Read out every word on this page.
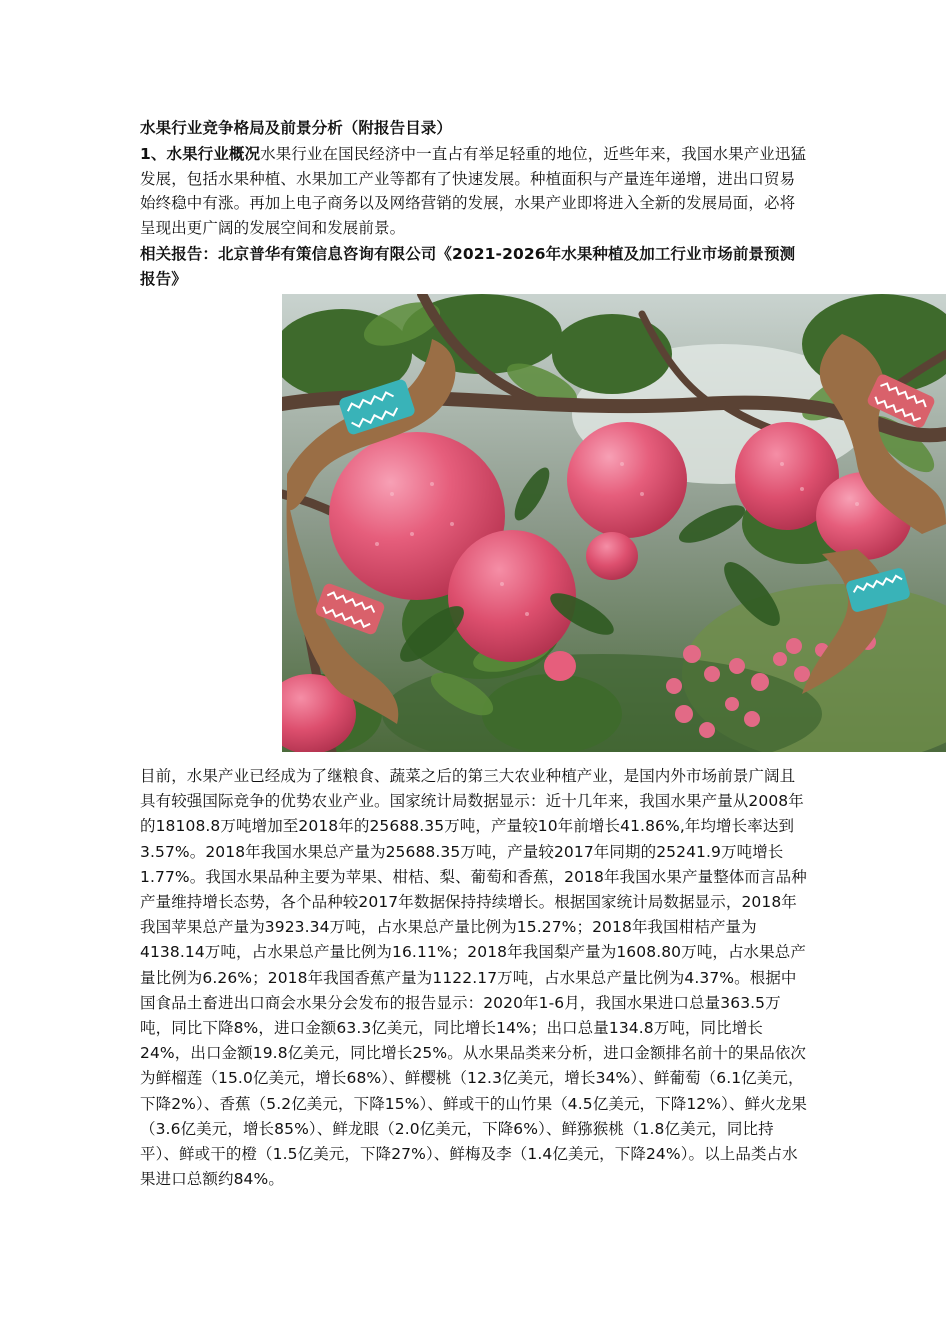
水果行业竞争格局及前景分析（附报告目录）
1、水果行业概况水果行业在国民经济中一直占有举足轻重的地位，近些年来，我国水果产业迅猛发展，包括水果种植、水果加工产业等都有了快速发展。种植面积与产量连年递增，进出口贸易始终稳中有涨。再加上电子商务以及网络营销的发展，水果产业即将进入全新的发展局面，必将呈现出更广阔的发展空间和发展前景。
相关报告：北京普华有策信息咨询有限公司《2021-2026年水果种植及加工行业市场前景预测报告》
目前，水果产业已经成为了继粮食、蔬菜之后的第三大农业种植产业，是国内外市场前景广阔且具有较强国际竞争的优势农业产业。国家统计局数据显示：近十几年来，我国水果产量从2008年的18108.8万吨增加至2018年的25688.35万吨，产量较10年前增长41.86%,年均增长率达到3.57%。2018年我国水果总产量为25688.35万吨，产量较2017年同期的25241.9万吨增长1.77%。我国水果品种主要为苹果、柑桔、梨、葡萄和香蕉，2018年我国水果产量整体而言品种产量维持增长态势，各个品种较2017年数据保持持续增长。根据国家统计局数据显示，2018年我国苹果总产量为3923.34万吨，占水果总产量比例为15.27%；2018年我国柑桔产量为4138.14万吨，占水果总产量比例为16.11%；2018年我国梨产量为1608.80万吨，占水果总产量比例为6.26%；2018年我国香蕉产量为1122.17万吨，占水果总产量比例为4.37%。根据中国食品土畜进出口商会水果分会发布的报告显示：2020年1-6月，我国水果进口总量363.5万吨，同比下降8%，进口金额63.3亿美元，同比增长14%；出口总量134.8万吨，同比增长24%，出口金额19.8亿美元，同比增长25%。从水果品类来分析，进口金额排名前十的果品依次为鲜榴莲（15.0亿美元，增长68%）、鲜樱桃（12.3亿美元，增长34%）、鲜葡萄（6.1亿美元，下降2%）、香蕉（5.2亿美元，下降15%）、鲜或干的山竹果（4.5亿美元，下降12%）、鲜火龙果（3.6亿美元，增长85%）、鲜龙眼（2.0亿美元，下降6%）、鲜猕猴桃（1.8亿美元，同比持平）、鲜或干的橙（1.5亿美元，下降27%）、鲜梅及李（1.4亿美元，下降24%）。以上品类占水果进口总额约84%。
